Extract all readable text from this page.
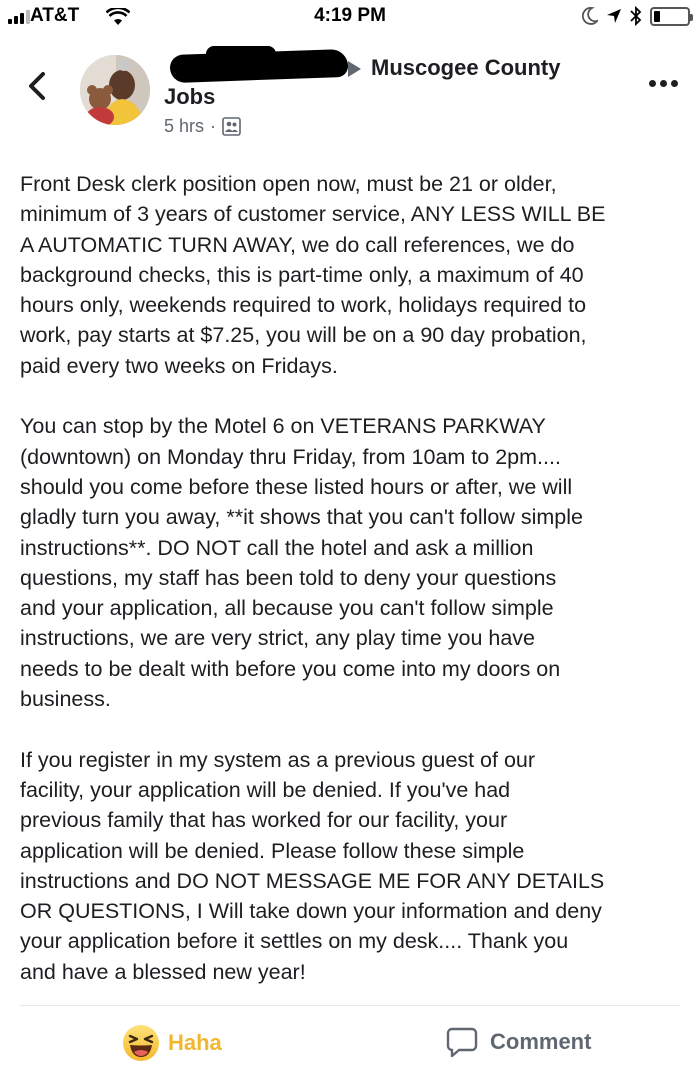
AT&T	4:19 PM
Muscogee County
Jobs
5 hrs ·

Front Desk clerk position open now, must be 21 or older,
minimum of 3 years of customer service, ANY LESS WILL BE
A AUTOMATIC TURN AWAY, we do call references, we do
background checks, this is part-time only, a maximum of 40
hours only, weekends required to work, holidays required to
work, pay starts at $7.25, you will be on a 90 day probation,
paid every two weeks on Fridays.

You can stop by the Motel 6 on VETERANS PARKWAY
(downtown) on Monday thru Friday, from 10am to 2pm....
should you come before these listed hours or after, we will
gladly turn you away, **it shows that you can't follow simple
instructions**. DO NOT call the hotel and ask a million
questions, my staff has been told to deny your questions
and your application, all because you can't follow simple
instructions, we are very strict, any play time you have
needs to be dealt with before you come into my doors on
business.

If you register in my system as a previous guest of our
facility, your application will be denied. If you've had
previous family that has worked for our facility, your
application will be denied. Please follow these simple
instructions and DO NOT MESSAGE ME FOR ANY DETAILS
OR QUESTIONS, I Will take down your information and deny
your application before it settles on my desk.... Thank you
and have a blessed new year!

Haha	Comment
